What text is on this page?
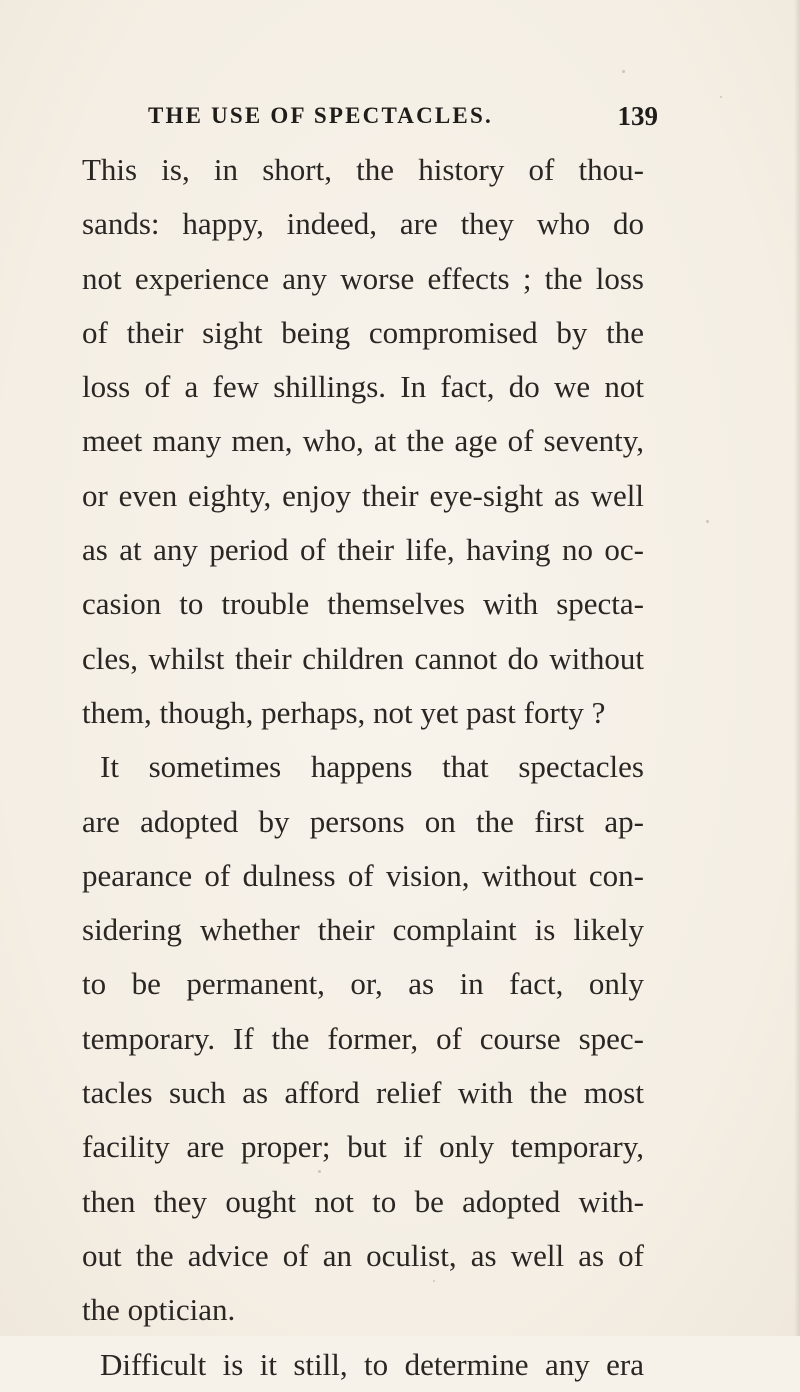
THE USE OF SPECTACLES.	139
This is, in short, the history of thou-
sands: happy, indeed, are they who do
not experience any worse effects ; the loss
of their sight being compromised by the
loss of a few shillings. In fact, do we not
meet many men, who, at the age of seventy,
or even eighty, enjoy their eye-sight as well
as at any period of their life, having no oc-
casion to trouble themselves with specta-
cles, whilst their children cannot do without
them, though, perhaps, not yet past forty ?
It sometimes happens that spectacles
are adopted by persons on the first ap-
pearance of dulness of vision, without con-
sidering whether their complaint is likely
to be permanent, or, as in fact, only
temporary. If the former, of course spec-
tacles such as afford relief with the most
facility are proper; but if only temporary,
then they ought not to be adopted with-
out the advice of an oculist, as well as of
the optician.
Difficult is it still, to determine any era
